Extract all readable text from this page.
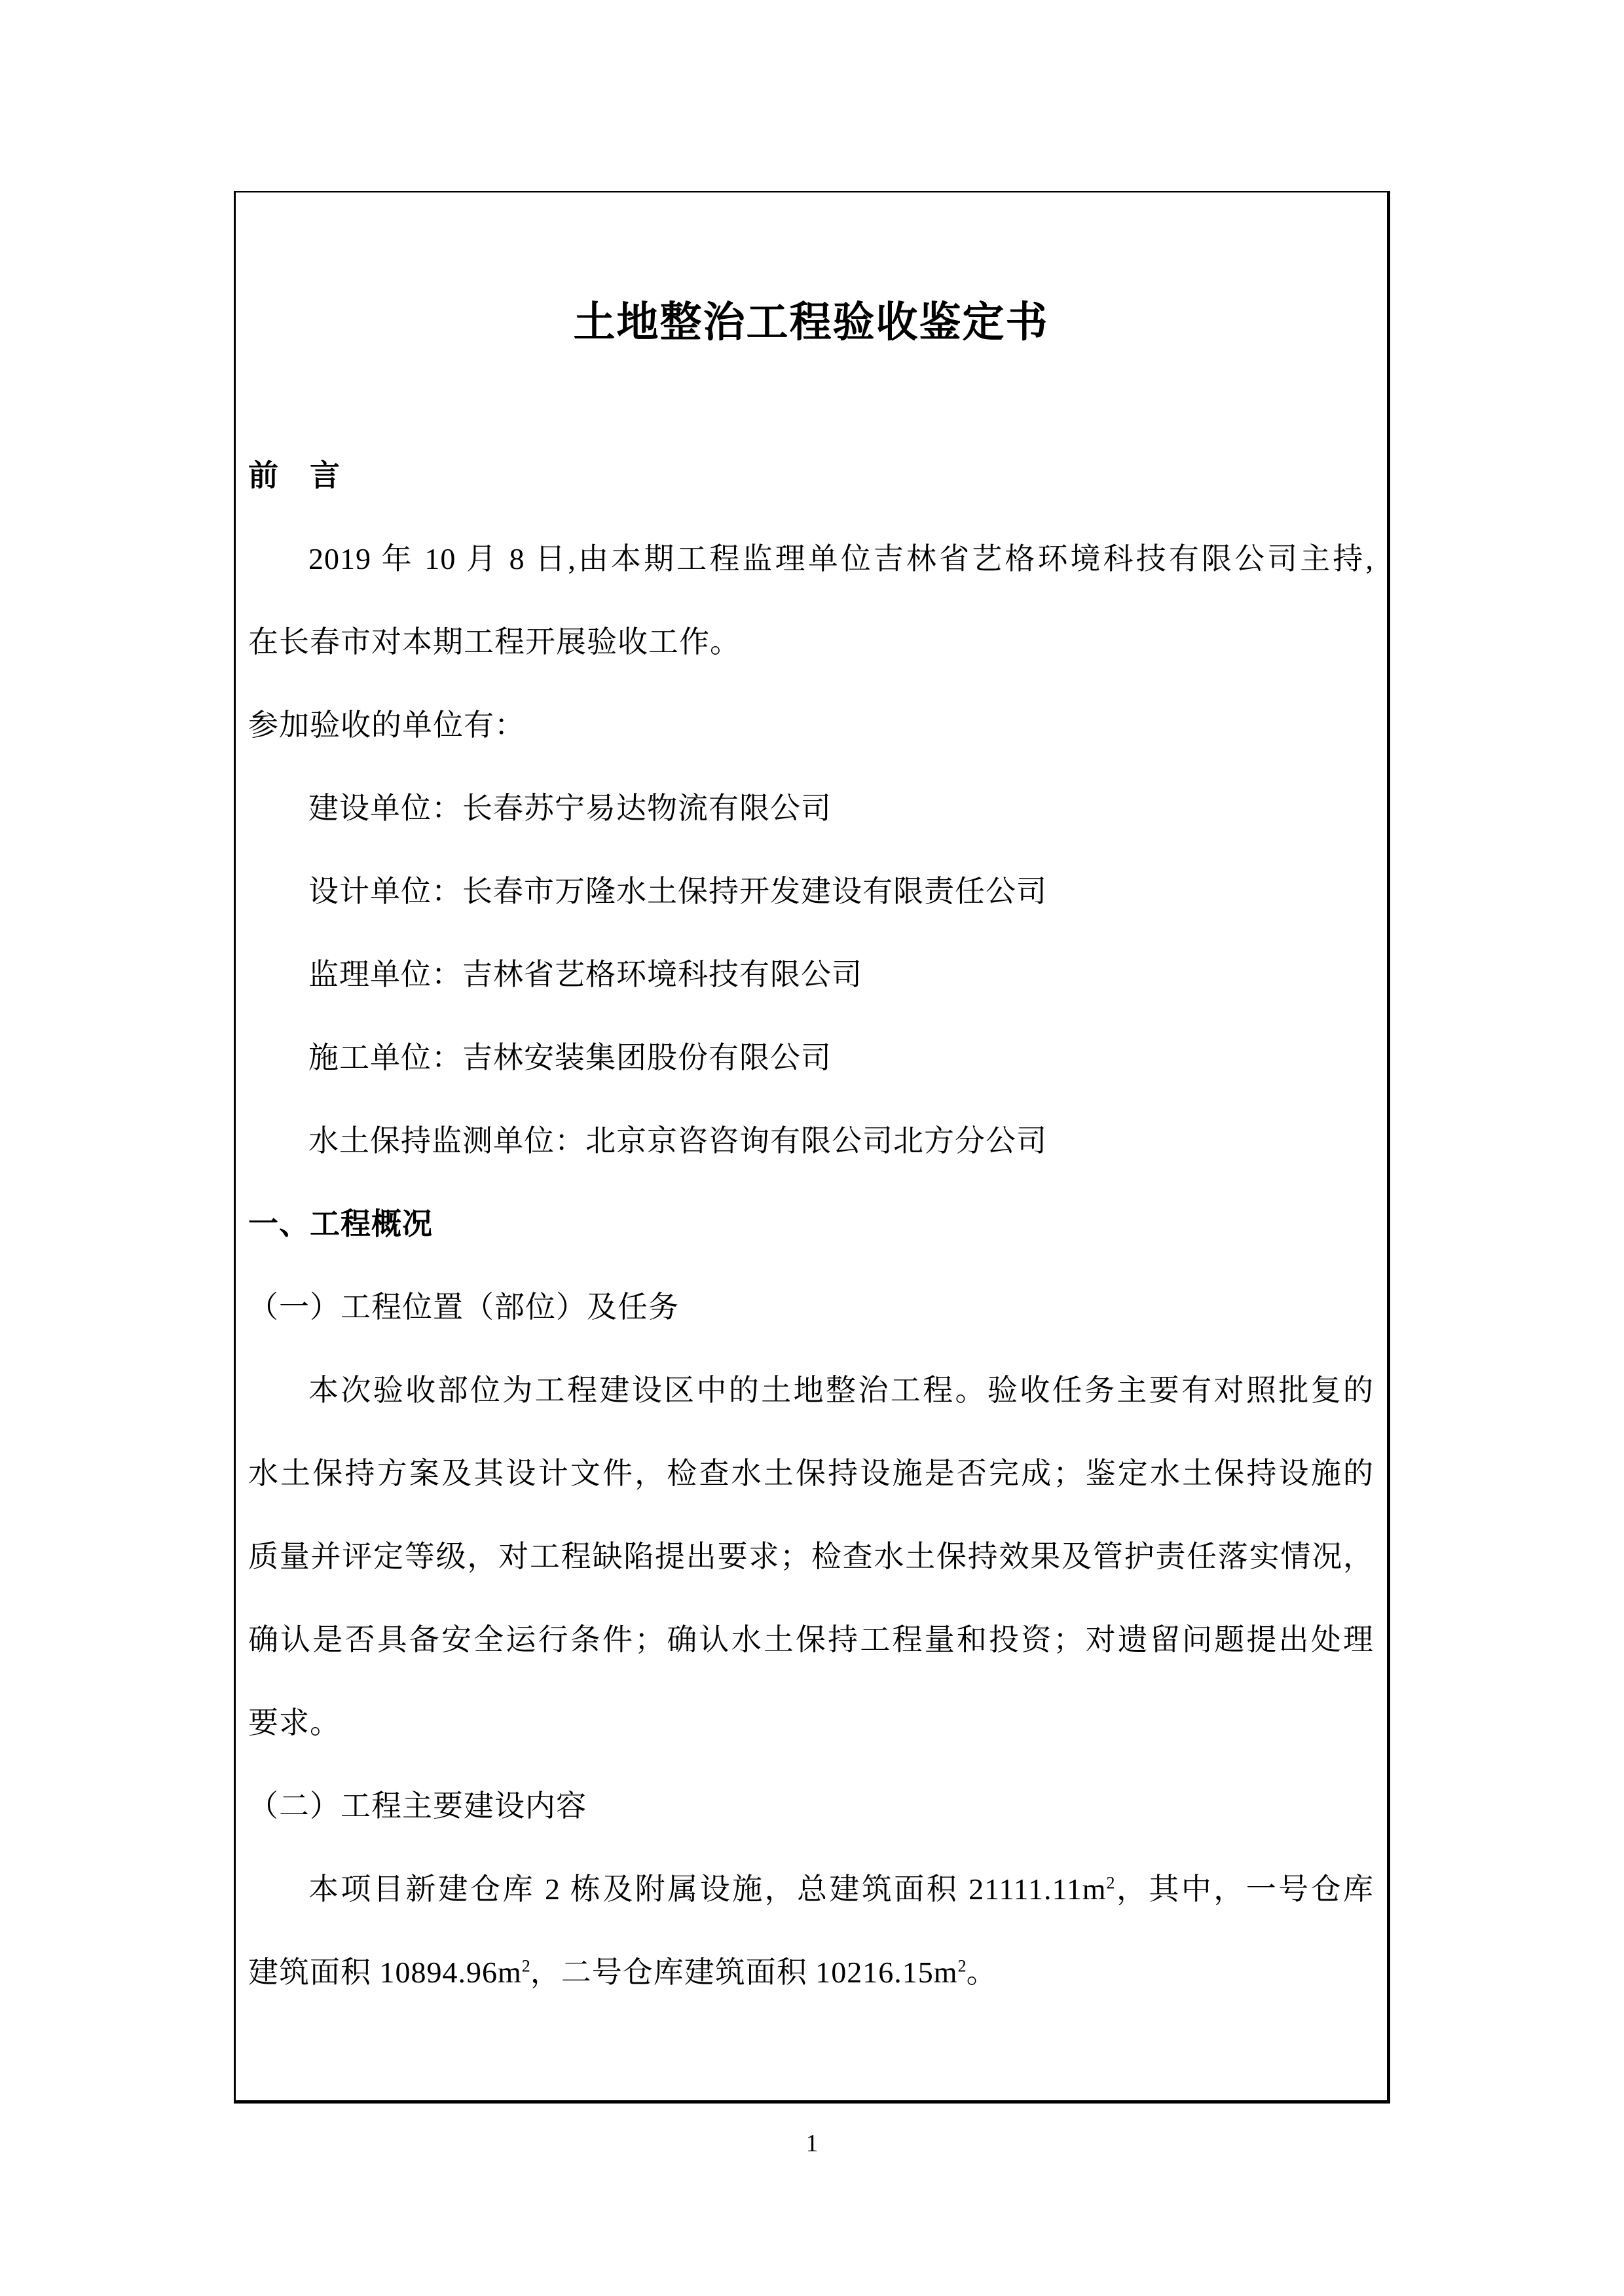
土地整治工程验收鉴定书
前　言
2019 年 10 月 8 日,由本期工程监理单位吉林省艺格环境科技有限公司主持,
在长春市对本期工程开展验收工作。
参加验收的单位有：
建设单位：长春苏宁易达物流有限公司
设计单位：长春市万隆水土保持开发建设有限责任公司
监理单位：吉林省艺格环境科技有限公司
施工单位：吉林安装集团股份有限公司
水土保持监测单位：北京京咨咨询有限公司北方分公司
一、工程概况
（一）工程位置（部位）及任务
本次验收部位为工程建设区中的土地整治工程。验收任务主要有对照批复的
水土保持方案及其设计文件，检查水土保持设施是否完成；鉴定水土保持设施的
质量并评定等级，对工程缺陷提出要求；检查水土保持效果及管护责任落实情况，
确认是否具备安全运行条件；确认水土保持工程量和投资；对遗留问题提出处理
要求。
（二）工程主要建设内容
本项目新建仓库 2 栋及附属设施，总建筑面积 $21111.11m^2$，其中，一号仓库
建筑面积 $10894.96m^2$，二号仓库建筑面积 $10216.15m^2$。
1
